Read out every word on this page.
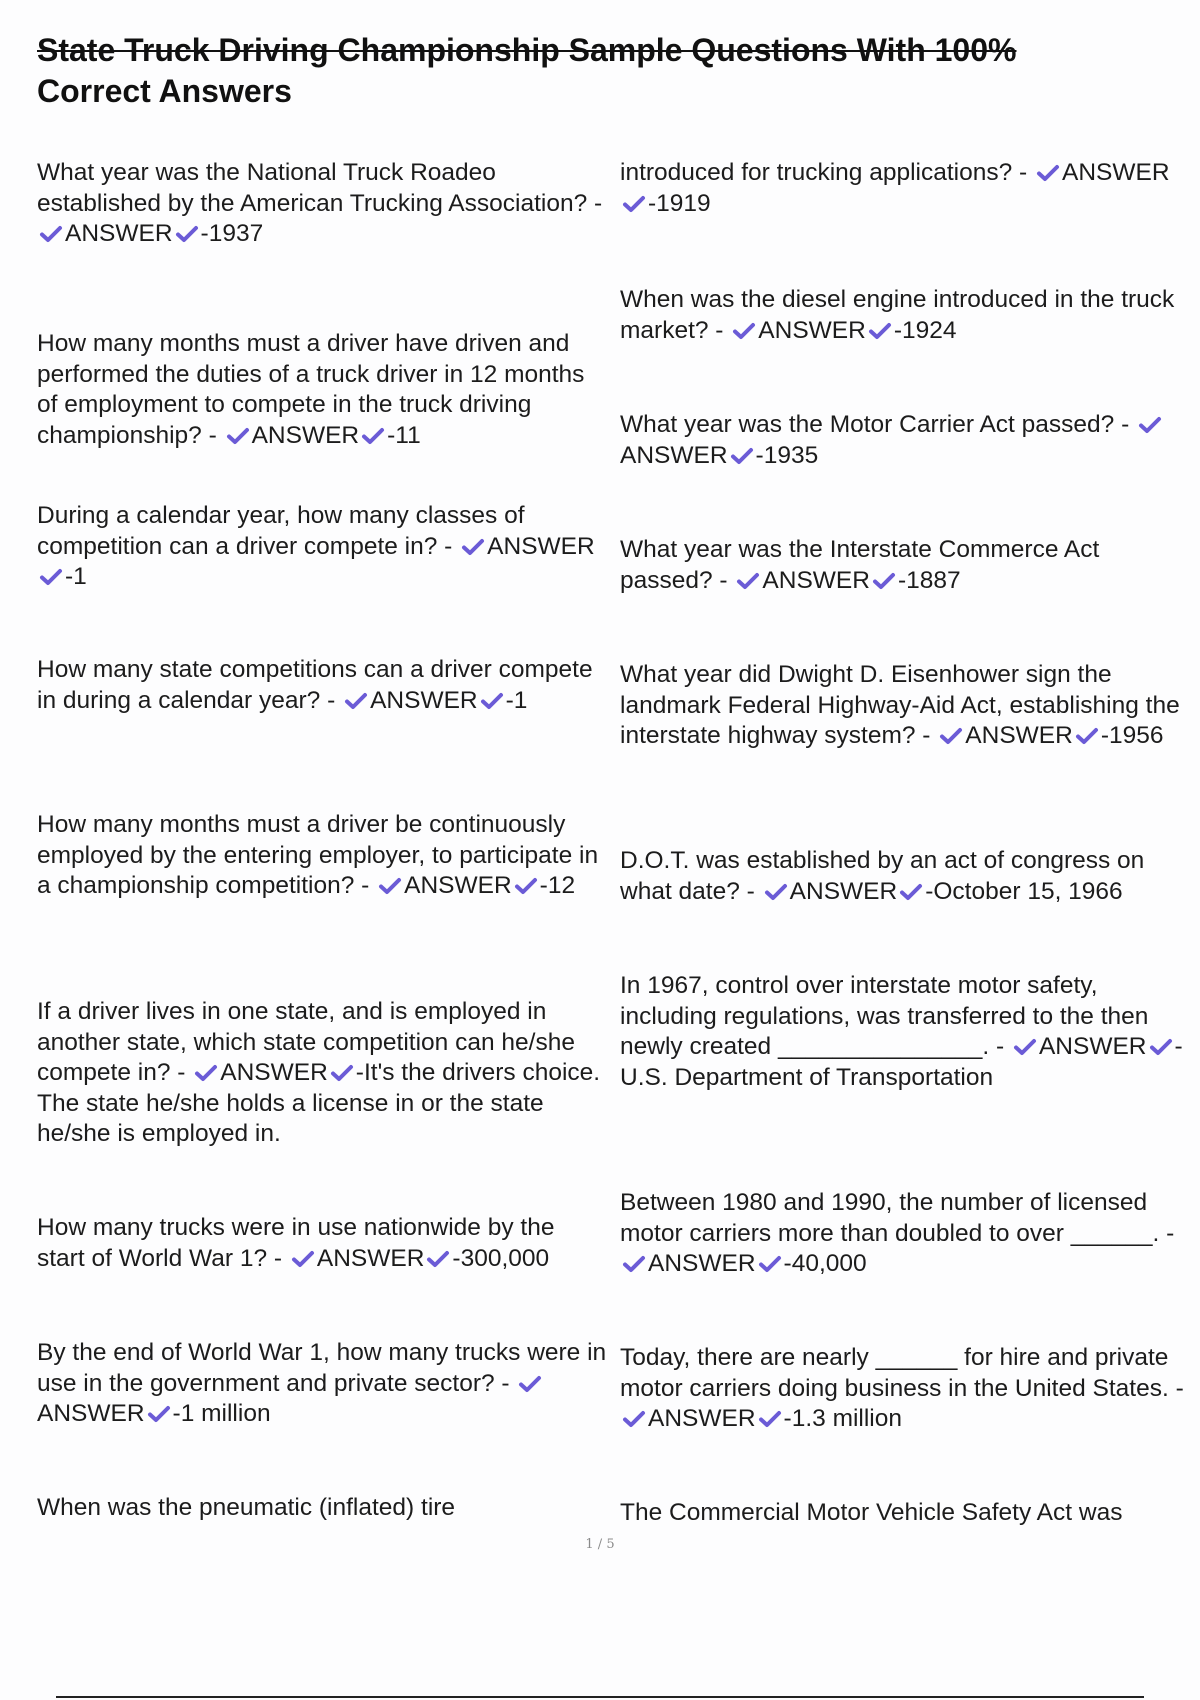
State Truck Driving Championship Sample Questions With 100%
Correct Answers
What year was the National Truck Roadeo established by the American Trucking Association? -
ANSWER -1937
How many months must a driver have driven and performed the duties of a truck driver in 12 months of employment to compete in the truck driving championship? - ANSWER -11
During a calendar year, how many classes of competition can a driver compete in? - ANSWER
-1
How many state competitions can a driver compete in during a calendar year? - ANSWER -1
How many months must a driver be continuously employed by the entering employer, to participate in a championship competition? - ANSWER -12
If a driver lives in one state, and is employed in another state, which state competition can he/she compete in? - ANSWER -It's the drivers choice. The state he/she holds a license in or the state he/she is employed in.
How many trucks were in use nationwide by the start of World War 1? - ANSWER -300,000
By the end of World War 1, how many trucks were in use in the government and private sector? -
ANSWER -1 million
When was the pneumatic (inflated) tire
introduced for trucking applications? - ANSWER
-1919
When was the diesel engine introduced in the truck market? - ANSWER -1924
What year was the Motor Carrier Act passed? -
ANSWER -1935
What year was the Interstate Commerce Act passed? - ANSWER -1887
What year did Dwight D. Eisenhower sign the landmark Federal Highway-Aid Act, establishing the interstate highway system? - ANSWER -1956
D.O.T. was established by an act of congress on what date? - ANSWER -October 15, 1966
In 1967, control over interstate motor safety, including regulations, was transferred to the then newly created _______________. - ANSWER -U.S. Department of Transportation
Between 1980 and 1990, the number of licensed motor carriers more than doubled to over ______. -
ANSWER -40,000
Today, there are nearly ______ for hire and private motor carriers doing business in the United States. -
ANSWER -1.3 million
The Commercial Motor Vehicle Safety Act was
1 / 5
